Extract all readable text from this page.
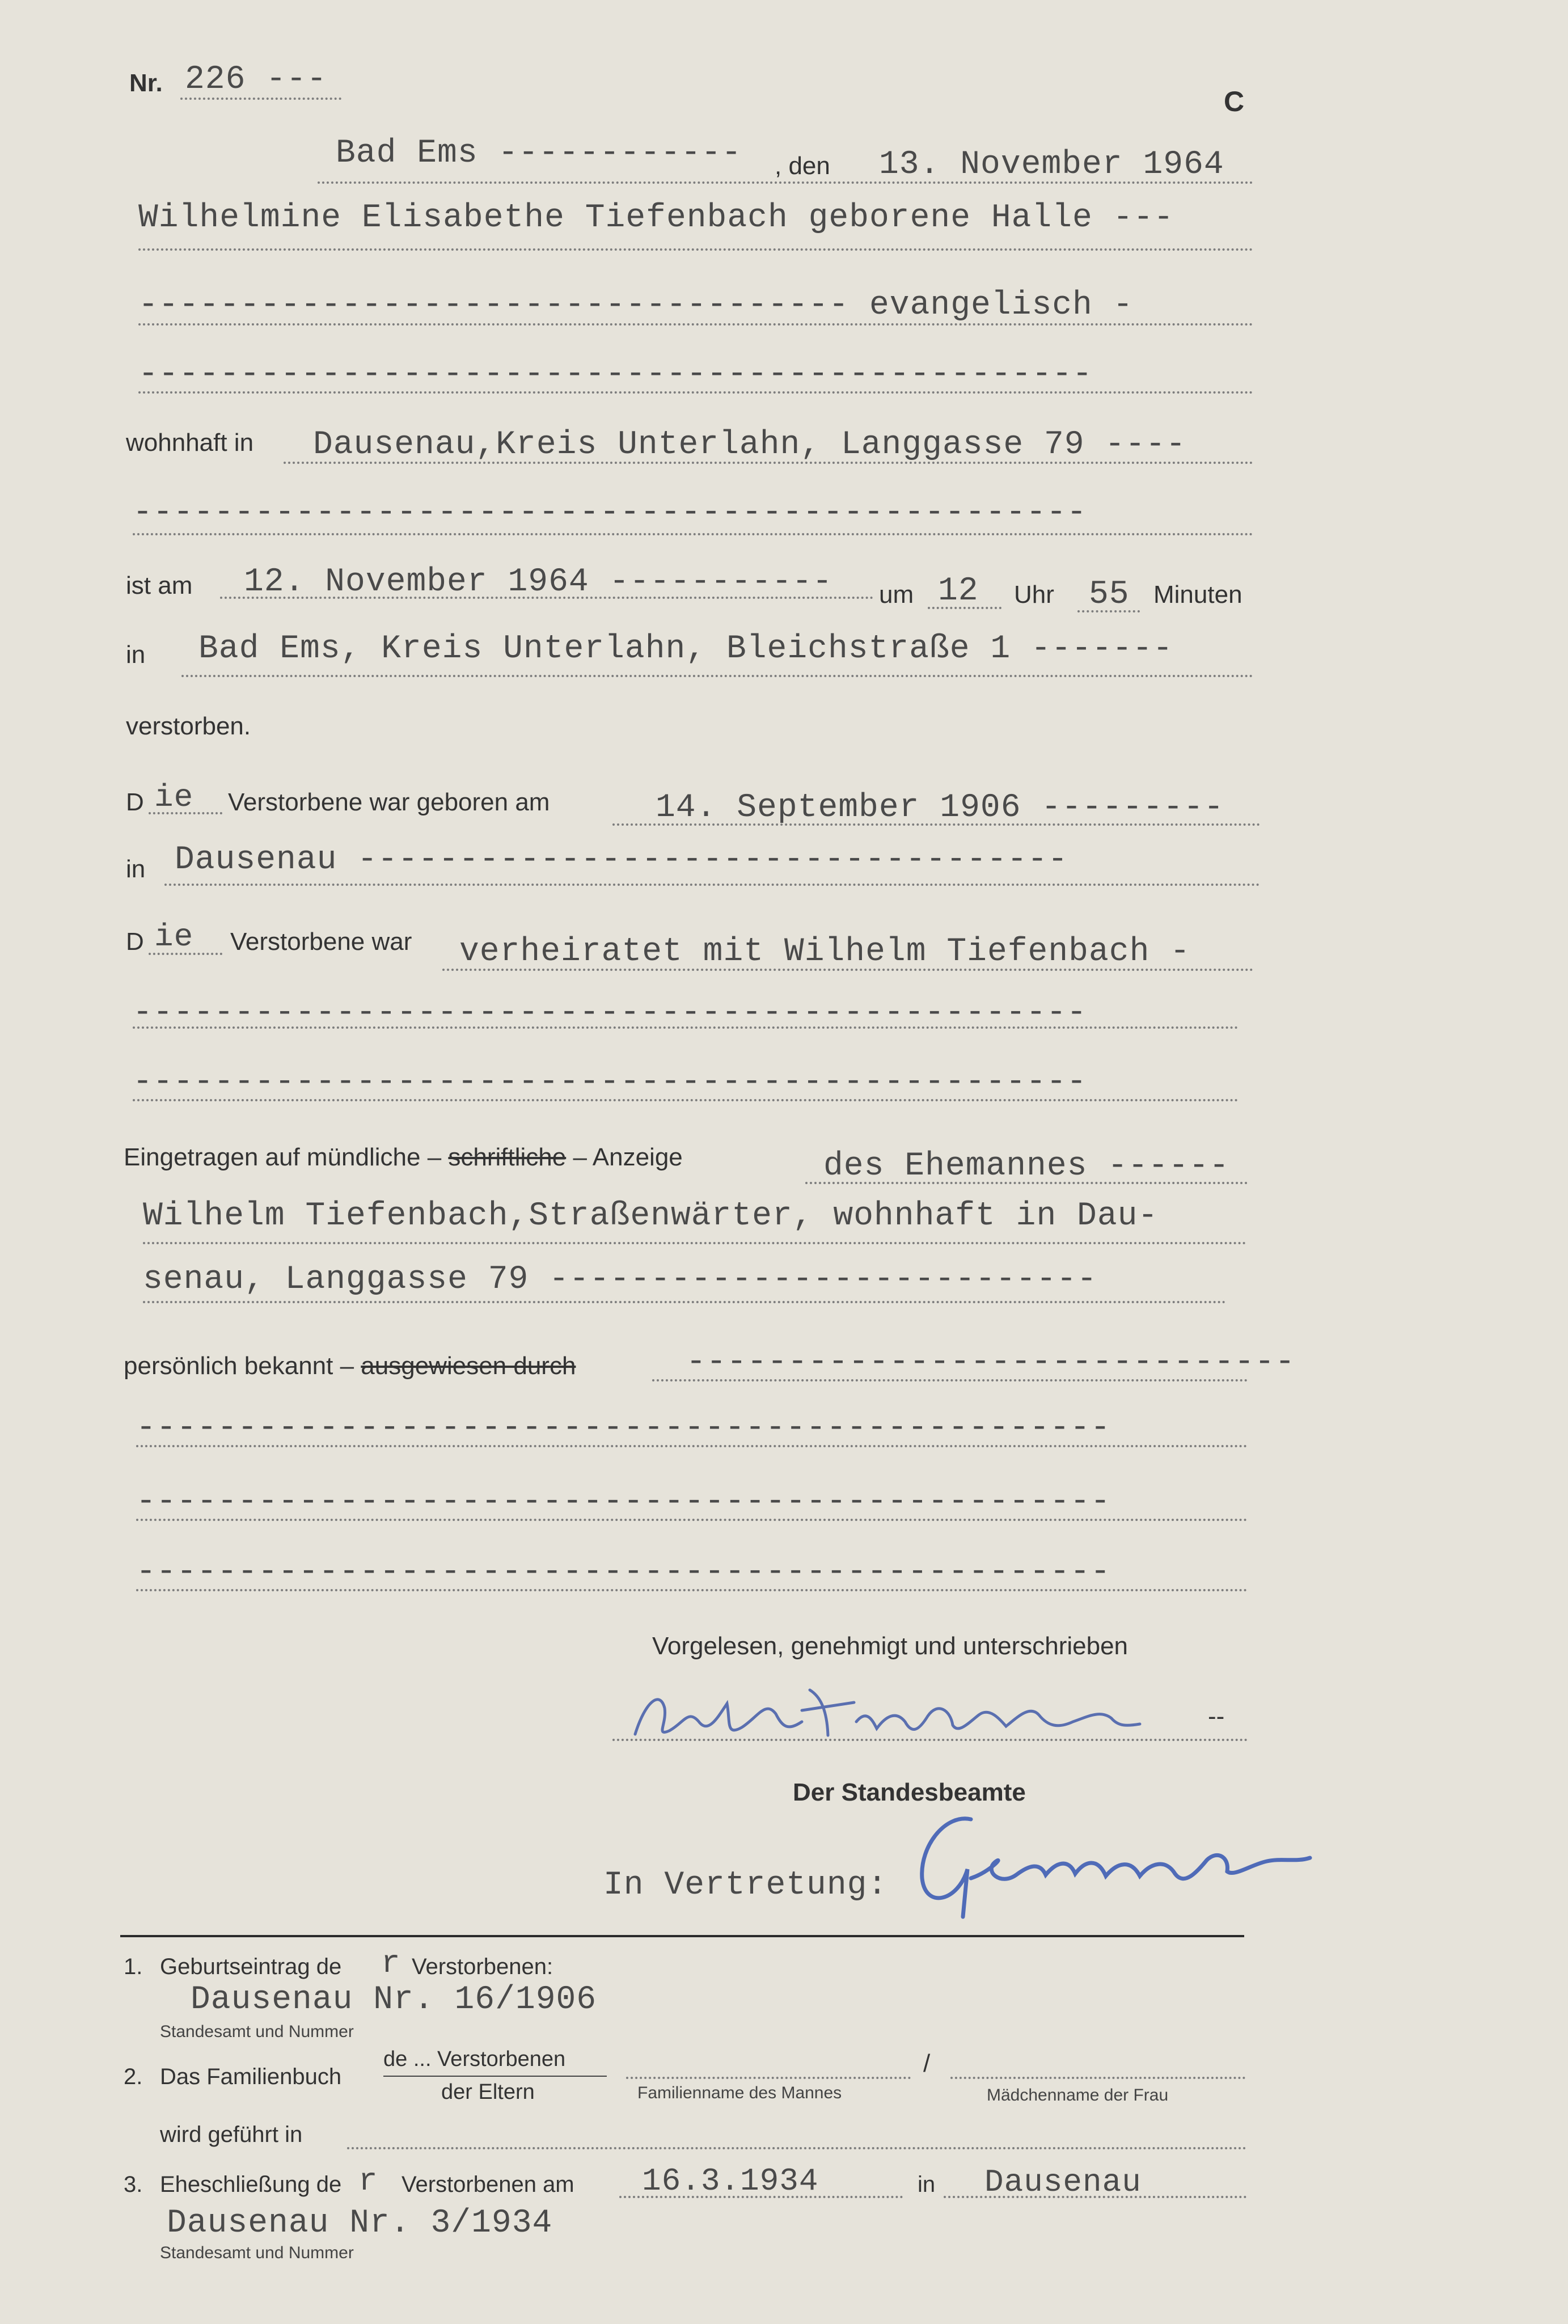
Nr. 226 ---
C
Bad Ems ------------ , den 13. November 1964
Wilhelmine Elisabethe Tiefenbach geborene Halle ---
----------------------------------- evangelisch -
-----------------------------------------------
wohnhaft in Dausenau,Kreis Unterlahn, Langgasse 79 ----
-----------------------------------------------
ist am 12. November 1964 ----------- um 12 Uhr 55 Minuten
in Bad Ems, Kreis Unterlahn, Bleichstraße 1 -------
verstorben.
D ie Verstorbene war geboren am	14. September 1906 ---------
in Dausenau -----------------------------------
D ie Verstorbene war verheiratet mit Wilhelm Tiefenbach -
-----------------------------------------------
-----------------------------------------------
Eingetragen auf mündliche – schriftliche – Anzeige	des Ehemannes ------
Wilhelm Tiefenbach,Straßenwärter, wohnhaft in Dau-
senau, Langgasse 79 ---------------------------
persönlich bekannt – ausgewiesen durch	------------------------------
------------------------------------------------
------------------------------------------------
------------------------------------------------
Vorgelesen, genehmigt und unterschrieben
--
Der Standesbeamte
In Vertretung:
1. Geburtseintrag de r Verstorbenen:
Dausenau Nr. 16/1906
Standesamt und Nummer
2. Das Familienbuch
de ... Verstorbenen
der Eltern
/
Familienname des Mannes	Mädchenname der Frau
wird geführt in
3. Eheschließung de r Verstorbenen am 16.3.1934	in Dausenau
Dausenau Nr. 3/1934
Standesamt und Nummer
